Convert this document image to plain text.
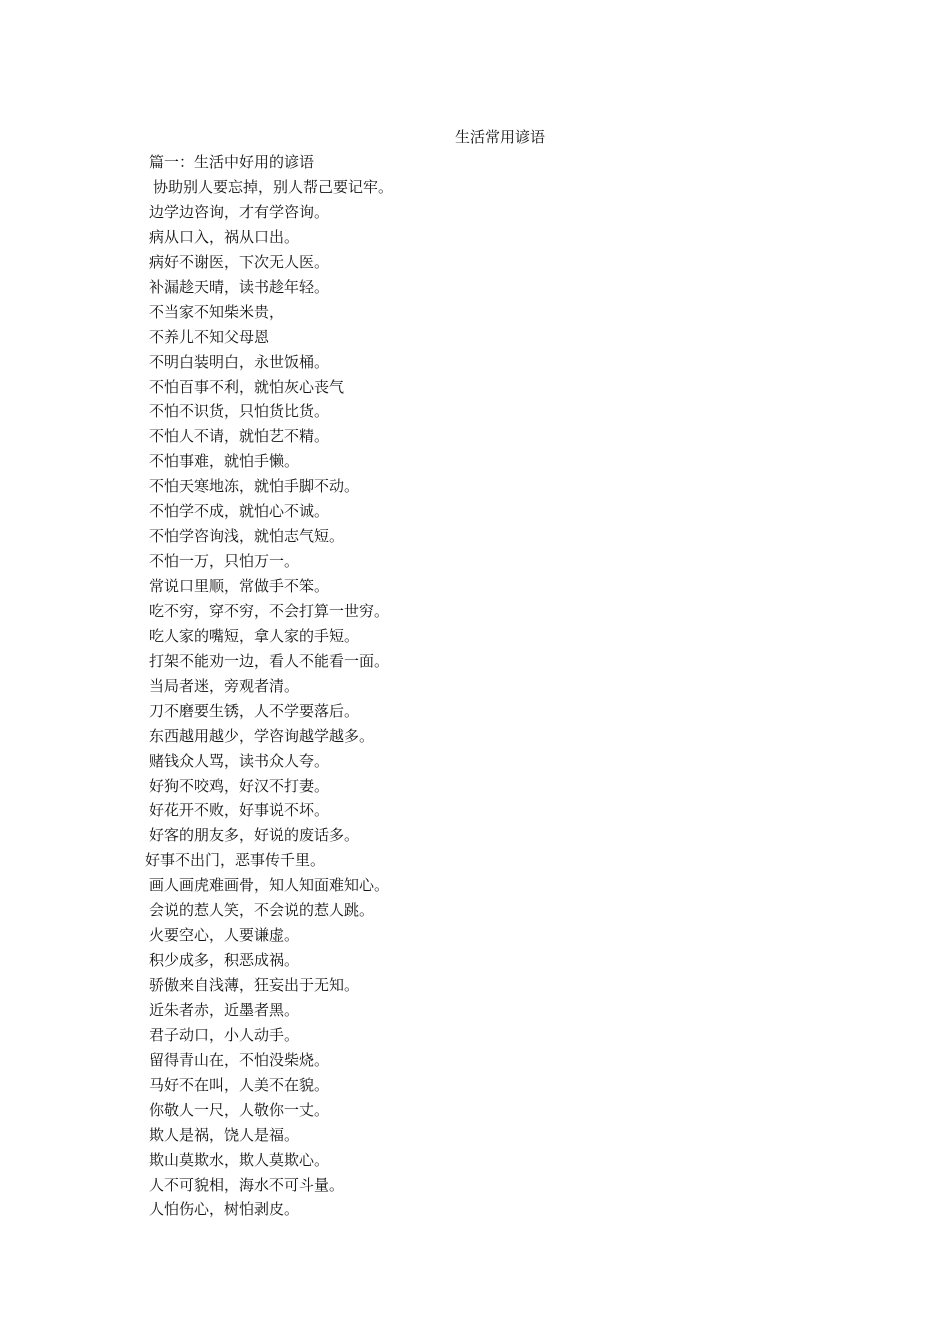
生活常用谚语
篇一：生活中好用的谚语
协助别人要忘掉，别人帮己要记牢。
边学边咨询，才有学咨询。
病从口入，祸从口出。
病好不谢医，下次无人医。
补漏趁天晴，读书趁年轻。
不当家不知柴米贵，
不养儿不知父母恩
不明白装明白，永世饭桶。
不怕百事不利，就怕灰心丧气
不怕不识货，只怕货比货。
不怕人不请，就怕艺不精。
不怕事难，就怕手懒。
不怕天寒地冻，就怕手脚不动。
不怕学不成，就怕心不诚。
不怕学咨询浅，就怕志气短。
不怕一万，只怕万一。
常说口里顺，常做手不笨。
吃不穷，穿不穷，不会打算一世穷。
吃人家的嘴短，拿人家的手短。
打架不能劝一边，看人不能看一面。
当局者迷，旁观者清。
刀不磨要生锈，人不学要落后。
东西越用越少，学咨询越学越多。
赌钱众人骂，读书众人夸。
好狗不咬鸡，好汉不打妻。
好花开不败，好事说不坏。
好客的朋友多，好说的废话多。
好事不出门，恶事传千里。
画人画虎难画骨，知人知面难知心。
会说的惹人笑，不会说的惹人跳。
火要空心，人要谦虚。
积少成多，积恶成祸。
骄傲来自浅薄，狂妄出于无知。
近朱者赤，近墨者黑。
君子动口，小人动手。
留得青山在，不怕没柴烧。
马好不在叫，人美不在貌。
你敬人一尺，人敬你一丈。
欺人是祸，饶人是福。
欺山莫欺水，欺人莫欺心。
人不可貌相，海水不可斗量。
人怕伤心，树怕剥皮。
